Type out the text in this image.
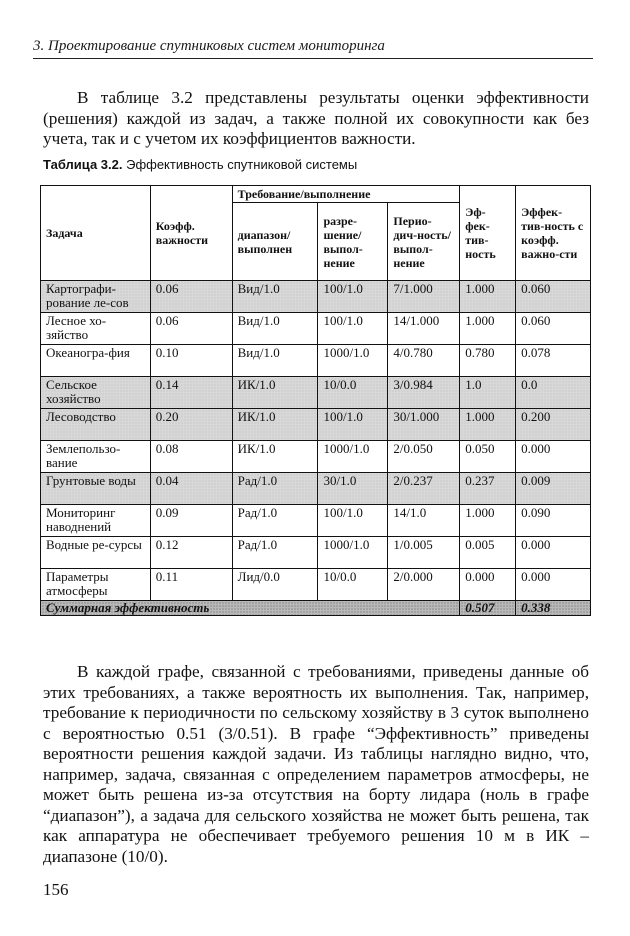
3. Проектирование спутниковых систем мониторинга
В таблице 3.2 представлены результаты оценки эффективности (решения) каждой из задач, а также полной их совокупности как без учета, так и с учетом их коэффициентов важности.
Таблица 3.2. Эффективность спутниковой системы
Задача	Коэфф. важности	Требование/выполнение			Эф-фек-тив-ность	Эффек-тив-ность с коэфф. важно-сти
		диапазон/ выполнен	разре-шение/ выпол-нение	Перио-дич-ность/ выпол-нение		
Картографи-рование ле-сов	0.06	Вид/1.0	100/1.0	7/1.000	1.000	0.060
Лесное хо-зяйство	0.06	Вид/1.0	100/1.0	14/1.000	1.000	0.060
Океаногра-фия	0.10	Вид/1.0	1000/1.0	4/0.780	0.780	0.078
Сельское хозяйство	0.14	ИК/1.0	10/0.0	3/0.984	1.0	0.0
Лесоводство	0.20	ИК/1.0	100/1.0	30/1.000	1.000	0.200
Землепользо-вание	0.08	ИК/1.0	1000/1.0	2/0.050	0.050	0.000
Грунтовые воды	0.04	Рад/1.0	30/1.0	2/0.237	0.237	0.009
Мониторинг наводнений	0.09	Рад/1.0	100/1.0	14/1.0	1.000	0.090
Водные ре-сурсы	0.12	Рад/1.0	1000/1.0	1/0.005	0.005	0.000
Параметры атмосферы	0.11	Лид/0.0	10/0.0	2/0.000	0.000	0.000
Суммарная эффективность					0.507	0.338
В каждой графе, связанной с требованиями, приведены данные об этих требованиях, а также вероятность их выполнения. Так, например, требование к периодичности по сельскому хозяйству в 3 суток выполнено с вероятностью 0.51 (3/0.51). В графе “Эффективность” приведены вероятности решения каждой задачи. Из таблицы наглядно видно, что, например, задача, связанная с определением параметров атмосферы, не может быть решена из-за отсутствия на борту лидара (ноль в графе “диапазон”), а задача для сельского хозяйства не может быть решена, так как аппаратура не обеспечивает требуемого решения 10 м в ИК – диапазоне (10/0).
156
